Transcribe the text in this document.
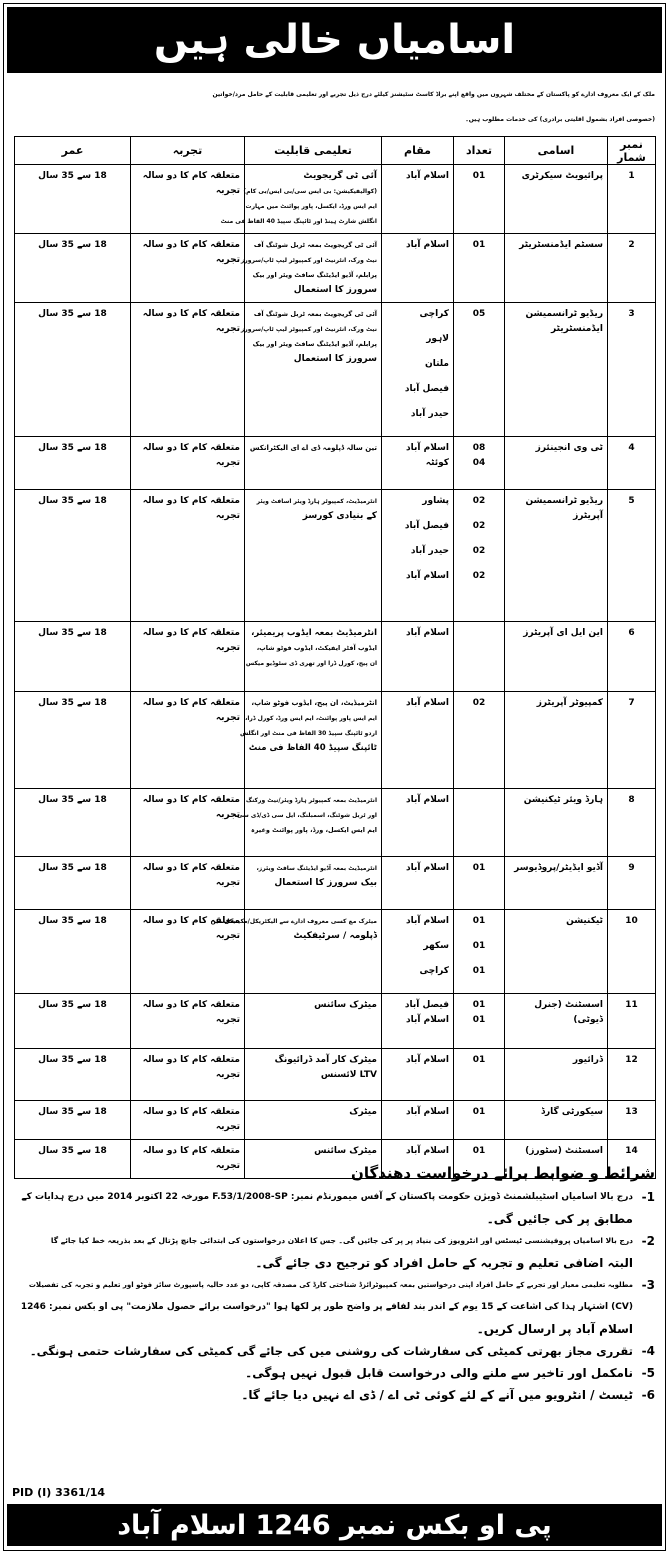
اسامیاں خالی ہیں
ملک کے ایک معروف ادارے کو پاکستان کے مختلف شہروں میں واقع اپنے براڈ کاسٹ سٹیشنز کیلئے درج ذیل تجربے اور تعلیمی قابلیت کے حامل مرد/خواتین
(خصوصی افراد بشمول اقلیتی برادری) کی خدمات مطلوب ہیں۔
نمبر شمار	اسامی	تعداد	مقام	تعلیمی قابلیت	تجربہ	عمر
1	پرائیویٹ سیکرٹری	01	اسلام آباد	آئی ٹی گریجویٹ
(کوالیفیکیشن: بی ایس سی/بی ایس/بی کام)
ایم ایس ورڈ، ایکسل، پاور پوائنٹ میں مہارت
انگلش شارٹ ہینڈ اور ٹائپنگ سپیڈ 40 الفاظ فی منٹ	متعلقہ کام کا دو سالہ تجربہ	18 سے 35 سال
2	سسٹم ایڈمنسٹریٹر	01	اسلام آباد	آئی ٹی گریجویٹ بمعہ ٹربل شوٹنگ آف
نیٹ ورک، انٹرنیٹ اور کمپیوٹر لیپ ٹاپ/سرورز
پرابلم، آڈیو ایڈیٹنگ سافٹ ویئر اور بیک
سرورز کا استعمال	متعلقہ کام کا دو سالہ تجربہ	18 سے 35 سال
3	ریڈیو ٹرانسمیشن ایڈمنسٹریٹر	05	کراچی
لاہور
ملتان
فیصل آباد
حیدر آباد	آئی ٹی گریجویٹ بمعہ ٹربل شوٹنگ آف
نیٹ ورک، انٹرنیٹ اور کمپیوٹر لیپ ٹاپ/سرورز
پرابلم، آڈیو ایڈیٹنگ سافٹ ویئر اور بیک
سرورز کا استعمال	متعلقہ کام کا دو سالہ تجربہ	18 سے 35 سال
4	ٹی وی انجینئرز	08
04	اسلام آباد
کوئٹہ	تین سالہ ڈپلومہ ڈی اے ای الیکٹرانکس	متعلقہ کام کا دو سالہ تجربہ	18 سے 35 سال
5	ریڈیو ٹرانسمیشن آپریٹرز	02
02
02
02	پشاور
فیصل آباد
حیدر آباد
اسلام آباد	انٹرمیڈیٹ، کمپیوٹر ہارڈ ویئر اسافٹ ویئر
کے بنیادی کورسز	متعلقہ کام کا دو سالہ تجربہ	18 سے 35 سال
6	این ایل ای آپریٹرز		اسلام آباد	انٹرمیڈیٹ بمعہ ایڈوب پریمیئر،
ایڈوب آفٹر ایفیکٹ، ایڈوب فوٹو شاپ،
ان پیج، کورل ڈرا اور تھری ڈی سٹوڈیو میکس	متعلقہ کام کا دو سالہ تجربہ	18 سے 35 سال
7	کمپیوٹر آپریٹرز	02	اسلام آباد	انٹرمیڈیٹ، ان پیج، ایڈوب فوٹو شاپ،
ایم ایس پاور پوائنٹ، ایم ایس ورڈ، کورل ڈرا،
اردو ٹائپنگ سپیڈ 30 الفاظ فی منٹ اور انگلش
ٹائپنگ سپیڈ 40 الفاظ فی منٹ	متعلقہ کام کا دو سالہ تجربہ	18 سے 35 سال
8	ہارڈ ویئر ٹیکنیشن		اسلام آباد	انٹرمیڈیٹ بمعہ کمپیوٹر ہارڈ ویئر/نیٹ ورکنگ
اور ٹربل شوٹنگ، اسمبلنگ، ایل سی ڈی/ڈی سی،
ایم ایس ایکسل، ورڈ، پاور پوائنٹ وغیرہ	متعلقہ کام کا دو سالہ تجربہ	18 سے 35 سال
9	آڈیو ایڈیٹر/پروڈیوسر	01	اسلام آباد	انٹرمیڈیٹ بمعہ آڈیو ایڈیٹنگ سافٹ ویئرز،
بیک سرورز کا استعمال	متعلقہ کام کا دو سالہ تجربہ	18 سے 35 سال
10	ٹیکنیشن	01
01
01	اسلام آباد
سکھر
کراچی	میٹرک مع کسی معروف ادارے سے الیکٹریکل/مکینیکل میں
ڈپلومہ / سرٹیفکیٹ	متعلقہ کام کا دو سالہ تجربہ	18 سے 35 سال
11	اسسٹنٹ (جنرل ڈیوٹی)	01
01	فیصل آباد
اسلام آباد	میٹرک سائنس	متعلقہ کام کا دو سالہ تجربہ	18 سے 35 سال
12	ڈرائیور	01	اسلام آباد	میٹرک کار آمد ڈرائیونگ
LTV لائسنس	متعلقہ کام کا دو سالہ تجربہ	18 سے 35 سال
13	سیکورٹی گارڈ	01	اسلام آباد	میٹرک	متعلقہ کام کا دو سالہ تجربہ	18 سے 35 سال
14	اسسٹنٹ (سٹورز)	01	اسلام آباد	میٹرک سائنس	متعلقہ کام کا دو سالہ تجربہ	18 سے 35 سال
شرائط و ضوابط برائے درخواست دھندگان
-1
درج بالا اسامیاں اسٹیبلشمنٹ ڈویژن حکومت پاکستان کے آفس میمورنڈم نمبر: F.53/1/2008-SP مورخہ 22 اکتوبر 2014 میں درج ہدایات کے
مطابق پر کی جائیں گی۔
-2
درج بالا اسامیاں پروفیشنسی ٹیسٹس اور انٹرویوز کی بنیاد پر پر کی جائیں گی۔ جس کا اعلان درخواستوں کی ابتدائی جانچ پڑتال کے بعد بذریعہ خط کیا جائے گا
البتہ اضافی تعلیم و تجربہ کے حامل افراد کو ترجیح دی جائے گی۔
-3
مطلوبہ تعلیمی معیار اور تجربے کے حامل افراد اپنی درخواستیں بمعہ کمپیوٹرائزڈ شناختی کارڈ کی مصدقہ کاپی، دو عدد حالیہ پاسپورٹ سائز فوٹو اور تعلیم و تجربہ کی تفصیلات
(CV) اشتہار ہذا کی اشاعت کے 15 یوم کے اندر بند لفافے پر واضح طور پر لکھا ہوا "درخواست برائے حصول ملازمت" پی او بکس نمبر: 1246
اسلام آباد پر ارسال کریں۔
-4
تقرری مجاز بھرتی کمیٹی کی سفارشات کی روشنی میں کی جائے گی کمیٹی کی سفارشات حتمی ہونگی۔
-5
نامکمل اور تاخیر سے ملنے والی درخواست قابل قبول نہیں ہوگی۔
-6
ٹیسٹ / انٹرویو میں آنے کے لئے کوئی ٹی اے / ڈی اے نہیں دیا جائے گا۔
PID (I) 3361/14
پی او بکس نمبر 1246 اسلام آباد
